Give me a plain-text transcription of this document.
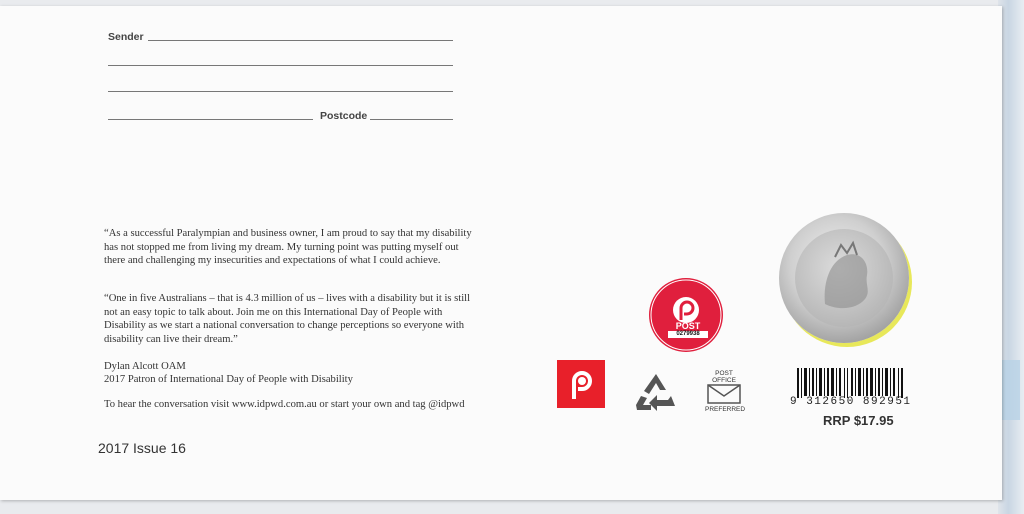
Sender
Postcode
“As a successful Paralympian and business owner, I am proud to say that my disability has not stopped me from living my dream. My turning point was putting myself out there and challenging my insecurities and expectations of what I could achieve.
“One in five Australians – that is 4.3 million of us – lives with a disability but it is still not an easy topic to talk about. Join me on this International Day of People with Disability as we start a national conversation to change perceptions so everyone with disability can live their dream.”
Dylan Alcott OAM
2017 Patron of International Day of People with Disability
To hear the conversation visit www.idpwd.com.au or start your own and tag @idpwd
2017 Issue 16
POST
0279938
POST OFFICE
PREFERRED
9 312650 892951
RRP $17.95
